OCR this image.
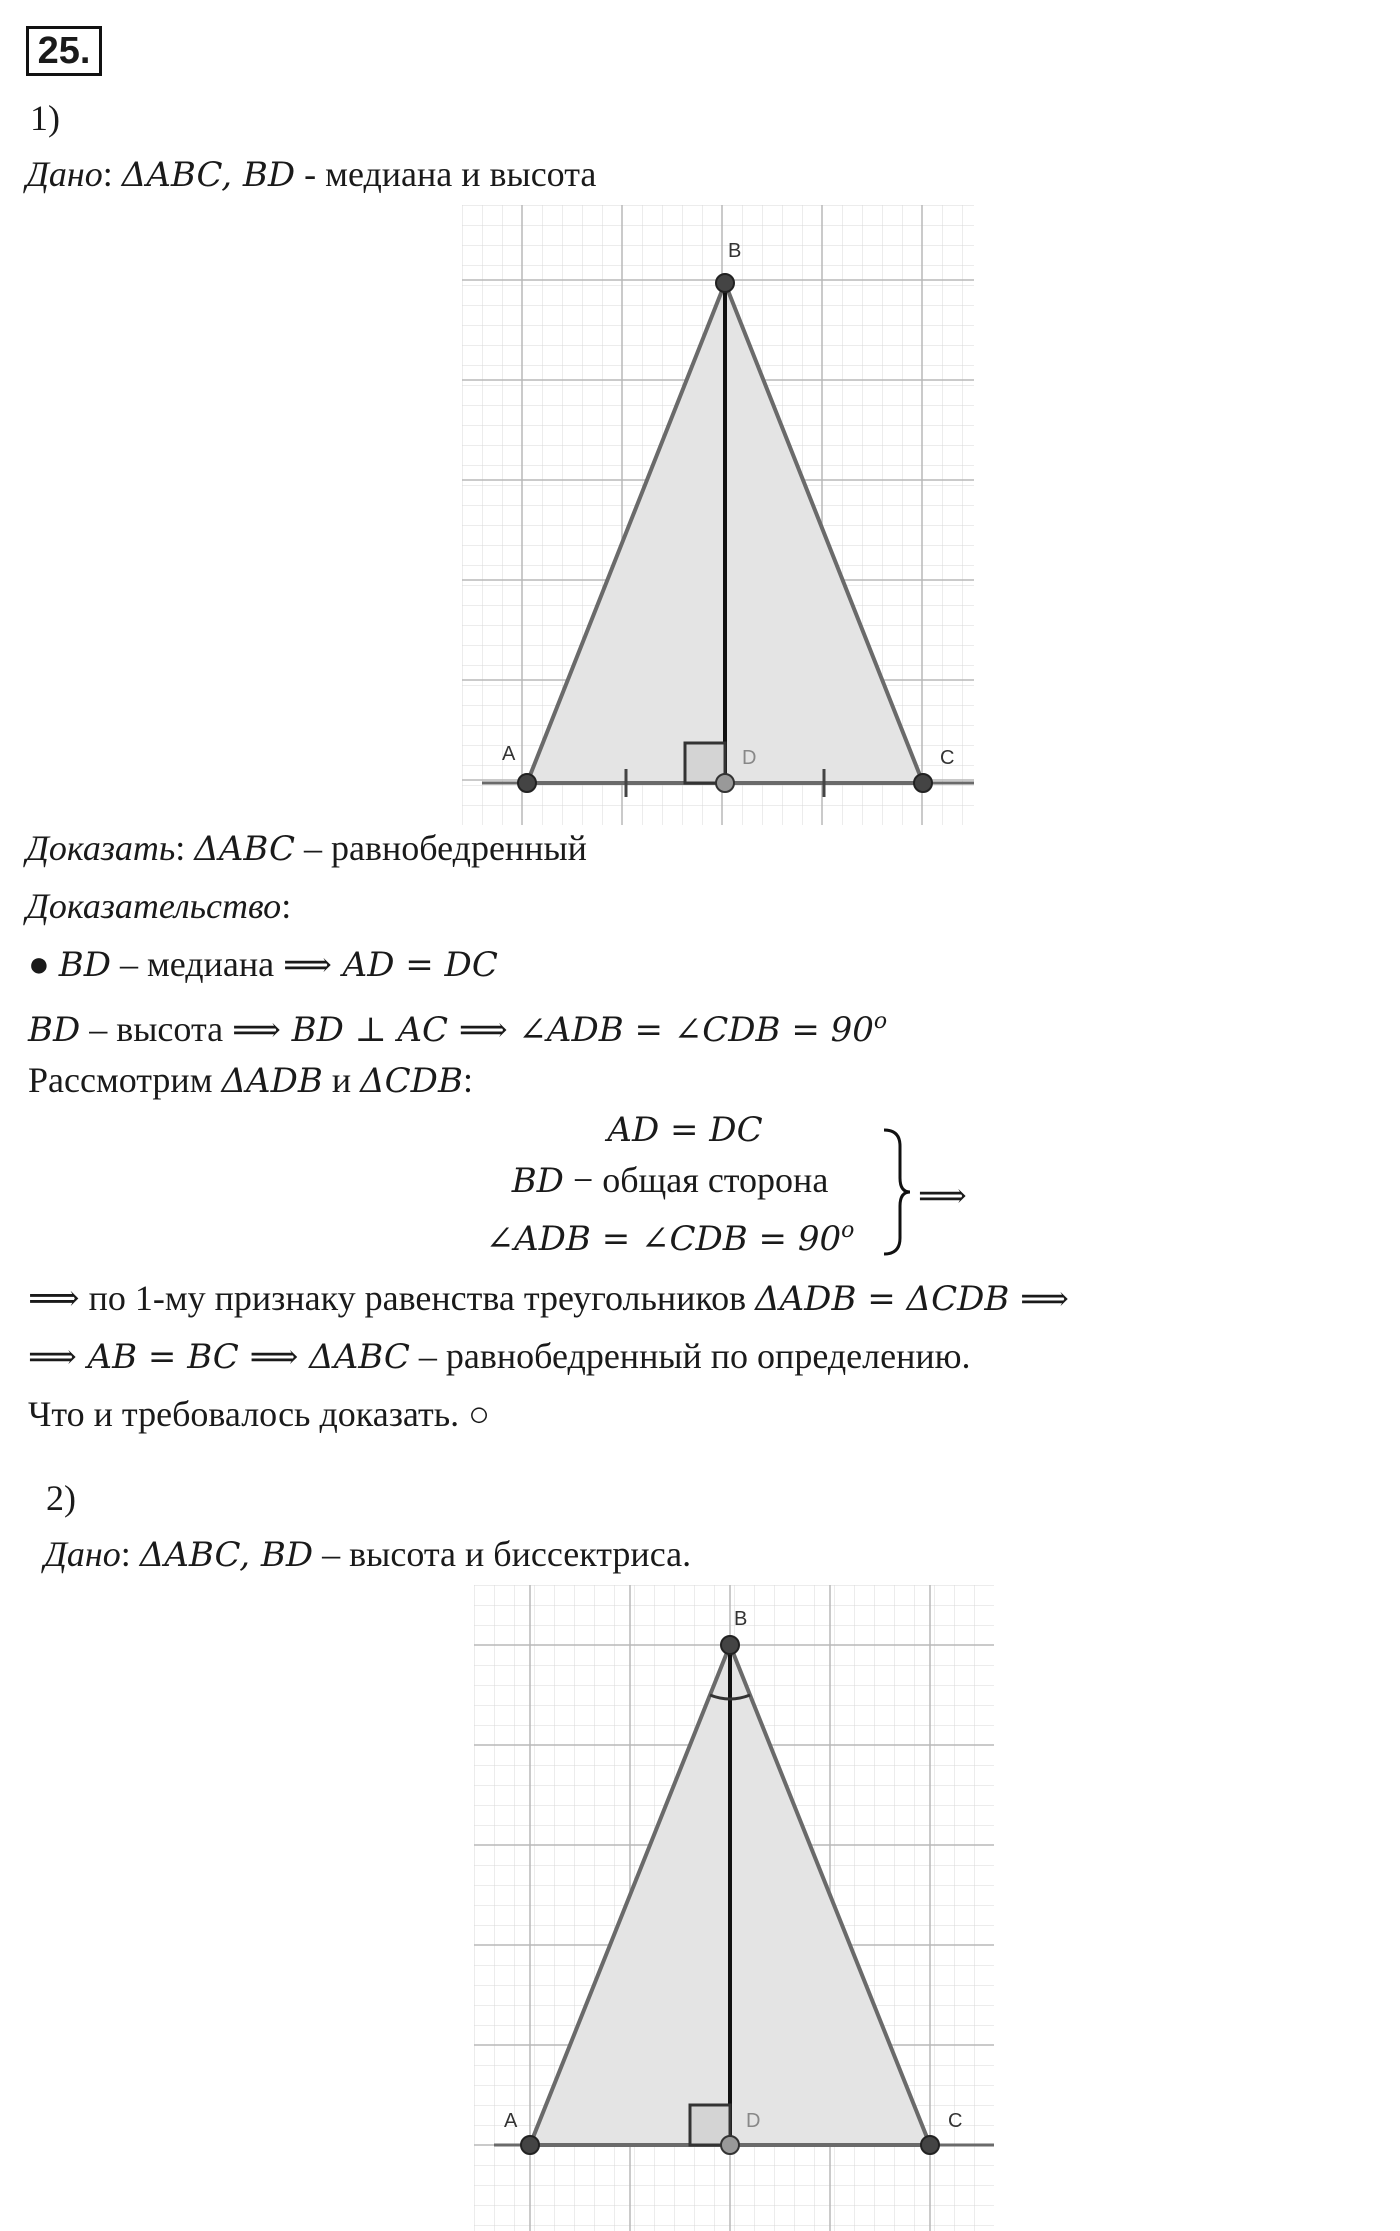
25.
1)
Дано: ΔABC, BD - медиана и высота
B
A	D	C
Доказать: ΔABC – равнобедренный
Доказательство:
● BD – медиана ⟹ AD = DC
BD – высота ⟹ BD ⊥ AC ⟹ ∠ADB = ∠CDB = $90^o$
Рассмотрим ΔADB и ΔCDB:
AD = DC
BD − общая сторона
∠ADB = ∠CDB = $90^o$
⟹
⟹ по 1-му признаку равенства треугольников ΔADB = ΔCDB ⟹
⟹ AB = BC ⟹ ΔABC – равнобедренный по определению.
Что и требовалось доказать. ○
2)
Дано: ΔABC, BD – высота и биссектриса.
B
A	D	C
